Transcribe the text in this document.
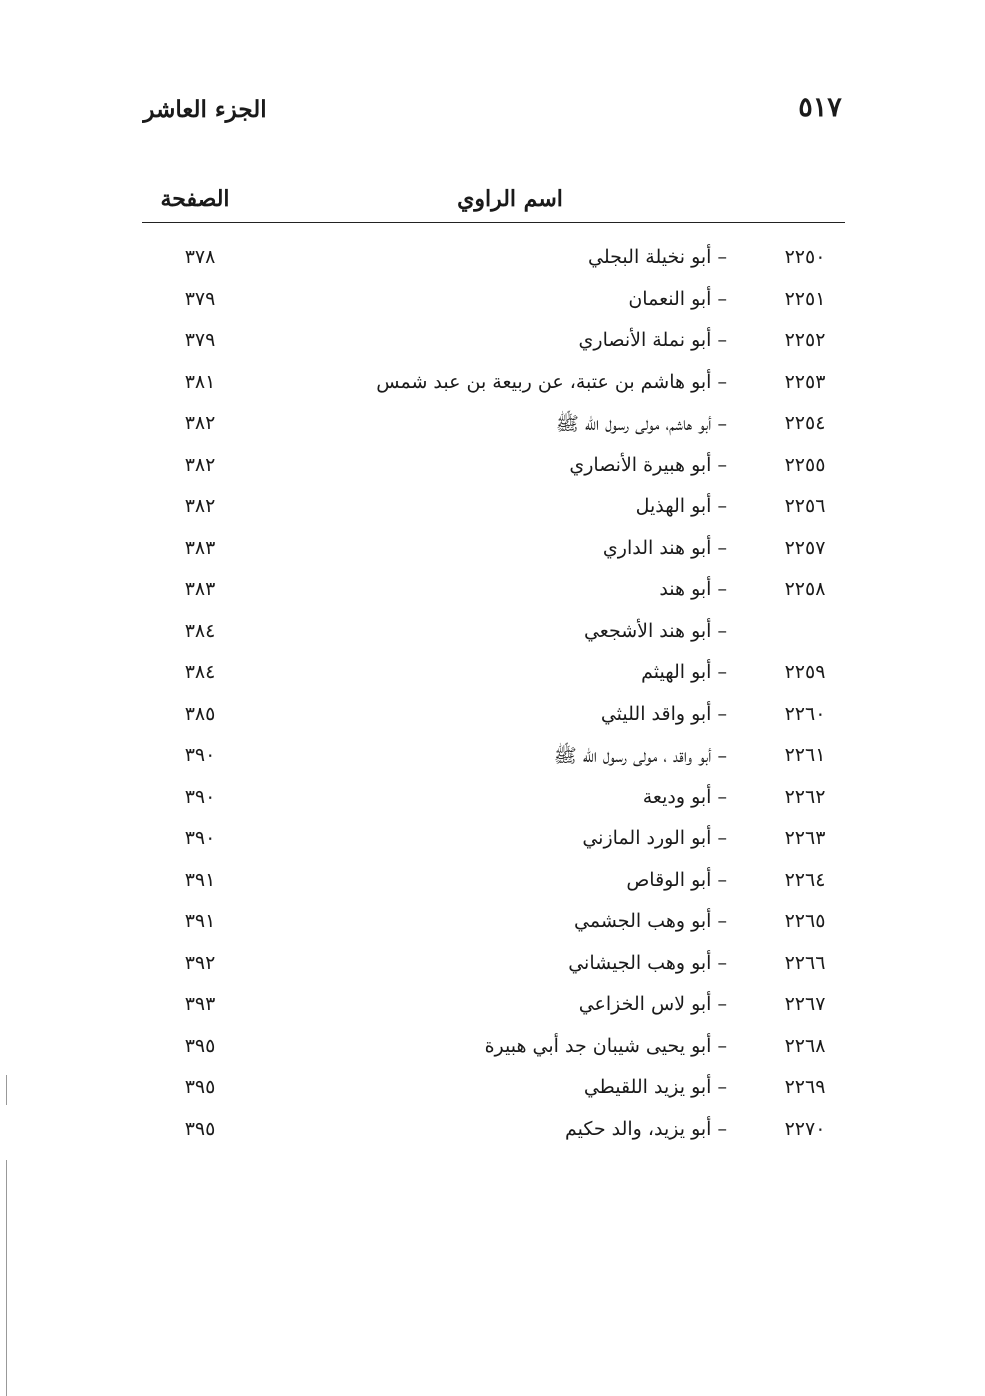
٥١٧
الجزء العاشر
اسم الراوي
الصفحة
٢٢٥٠
– أبو نخيلة البجلي
٣٧٨
٢٢٥١
– أبو النعمان
٣٧٩
٢٢٥٢
– أبو نملة الأنصاري
٣٧٩
٢٢٥٣
– أبو هاشم بن عتبة، عن ربيعة بن عبد شمس
٣٨١
٢٢٥٤
– أبو هاشم، مولى رسول الله ﷺ
٣٨٢
٢٢٥٥
– أبو هبيرة الأنصاري
٣٨٢
٢٢٥٦
– أبو الهذيل
٣٨٢
٢٢٥٧
– أبو هند الداري
٣٨٣
٢٢٥٨
– أبو هند
٣٨٣
– أبو هند الأشجعي
٣٨٤
٢٢٥٩
– أبو الهيثم
٣٨٤
٢٢٦٠
– أبو واقد الليثي
٣٨٥
٢٢٦١
– أبو واقد ، مولى رسول الله ﷺ
٣٩٠
٢٢٦٢
– أبو وديعة
٣٩٠
٢٢٦٣
– أبو الورد المازني
٣٩٠
٢٢٦٤
– أبو الوقاص
٣٩١
٢٢٦٥
– أبو وهب الجشمي
٣٩١
٢٢٦٦
– أبو وهب الجيشاني
٣٩٢
٢٢٦٧
– أبو لاس الخزاعي
٣٩٣
٢٢٦٨
– أبو يحيى شيبان جد أبي هبيرة
٣٩٥
٢٢٦٩
– أبو يزيد اللقيطي
٣٩٥
٢٢٧٠
– أبو يزيد، والد حكيم
٣٩٥
